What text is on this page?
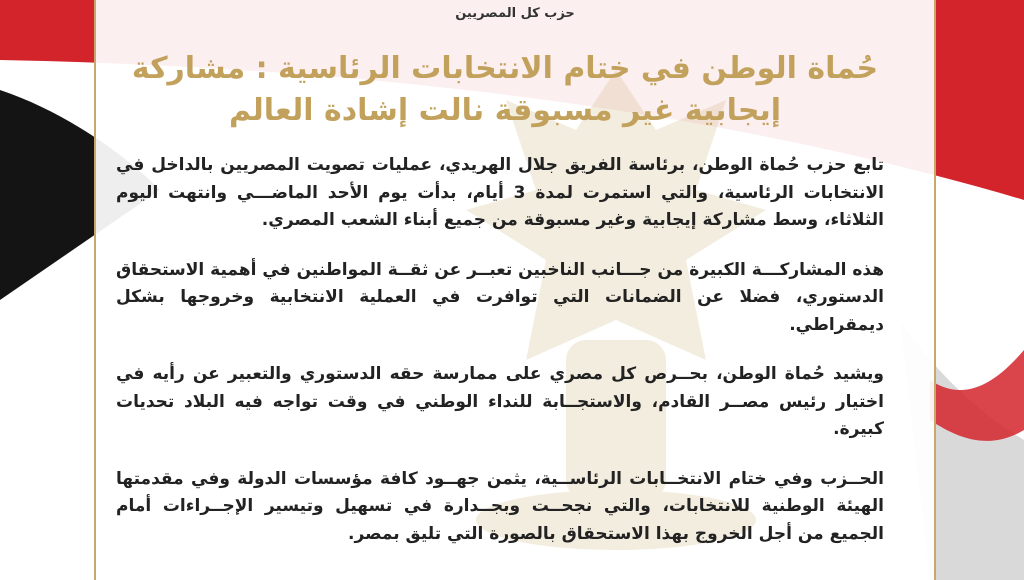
حزب كل المصريين
حُماة الوطن في ختام الانتخابات الرئاسية : مشاركة إيجابية غير مسبوقة نالت إشادة العالم

تابع حزب حُماة الوطن، برئاسة الفريق جلال الهريدي، عمليات تصويت المصريين بالداخل في الانتخابات الرئاسية، والتي استمرت لمدة 3 أيام، بدأت يوم الأحد الماضـــي وانتهت اليوم الثلاثاء، وسط مشاركة إيجابية وغير مسبوقة من جميع أبناء الشعب المصري.

هذه المشاركـــة الكبيرة من جـــانب الناخبين تعبــر عن ثقــة المواطنين في أهمية الاستحقاق الدستوري، فضلا عن الضمانات التي توافرت في العملية الانتخابية وخروجها بشكل ديمقراطي.

ويشيد حُماة الوطن، بحــرص كل مصري على ممارسة حقه الدستوري والتعبير عن رأيه في اختيار رئيس مصــر القادم، والاستجــابة للنداء الوطني في وقت تواجه فيه البلاد تحديات كبيرة.

الحــزب وفي ختام الانتخــابات الرئاســية، يثمن جهــود كافة مؤسسات الدولة وفي مقدمتها الهيئة الوطنية للانتخابات، والتي نجحــت وبجــدارة في تسهيل وتيسير الإجــراءات أمام الجميع من أجل الخروج بهذا الاستحقاق بالصورة التي تليق بمصر.
